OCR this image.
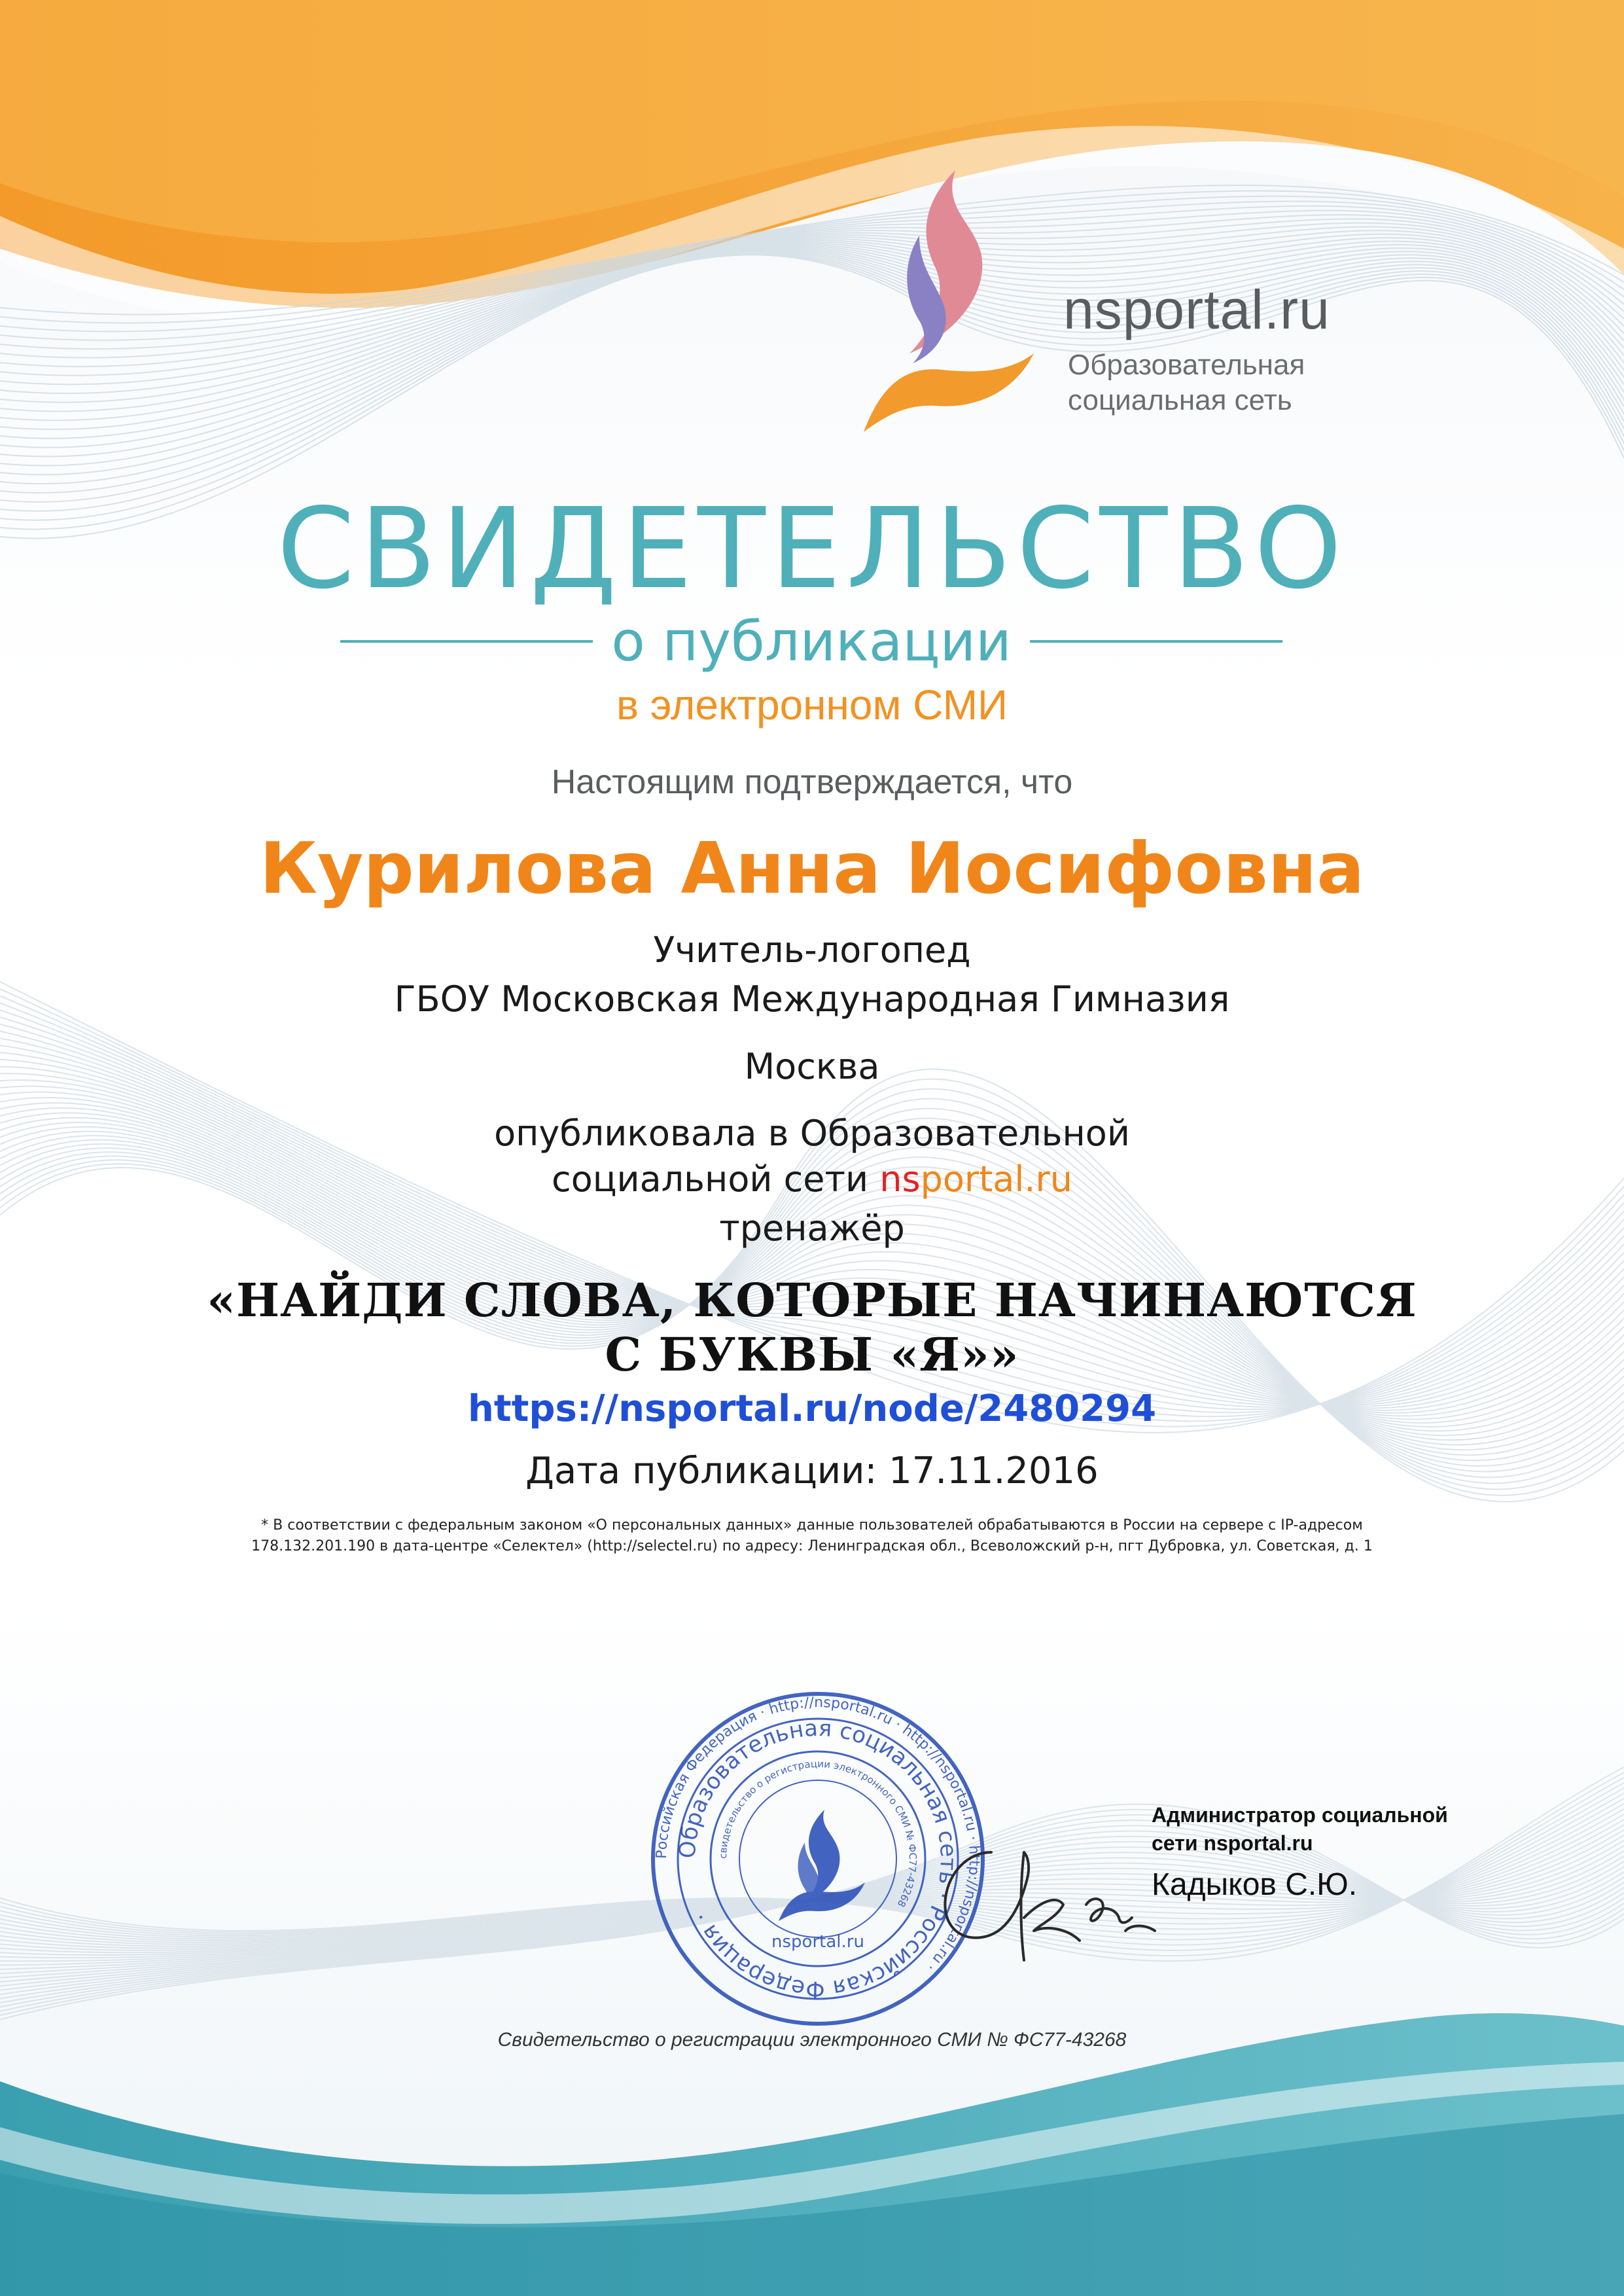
nsportal.ru
Образовательная
социальная сеть
СВИДЕТЕЛЬСТВО
о публикации
в электронном СМИ
Настоящим подтверждается, что
Курилова Анна Иосифовна
Учитель-логопед
ГБОУ Московская Международная Гимназия
Москва
опубликовала в Образовательной
социальной сети nsportal.ru
тренажёр
«НАЙДИ СЛОВА, КОТОРЫЕ НАЧИНАЮТСЯ
С БУКВЫ «Я»»
https://nsportal.ru/node/2480294
Дата публикации: 17.11.2016
* В соответствии с федеральным законом «О персональных данных» данные пользователей обрабатываются в России на сервере с IP-адресом
178.132.201.190 в дата-центре «Селектел» (http://selectel.ru) по адресу: Ленинградская обл., Всеволожский р-н, пгт Дубровка, ул. Советская, д. 1
Российская Федерация · http://nsportal.ru · http://nsportal.ru · http://nsportal.ru ·
Образовательная социальная сеть · Российская Федерация ·
свидетельство о регистрации электронного СМИ № ФС77-43268
nsportal.ru
Администратор социальной
сети nsportal.ru
Кадыков С.Ю.
Свидетельство о регистрации электронного СМИ № ФС77-43268
